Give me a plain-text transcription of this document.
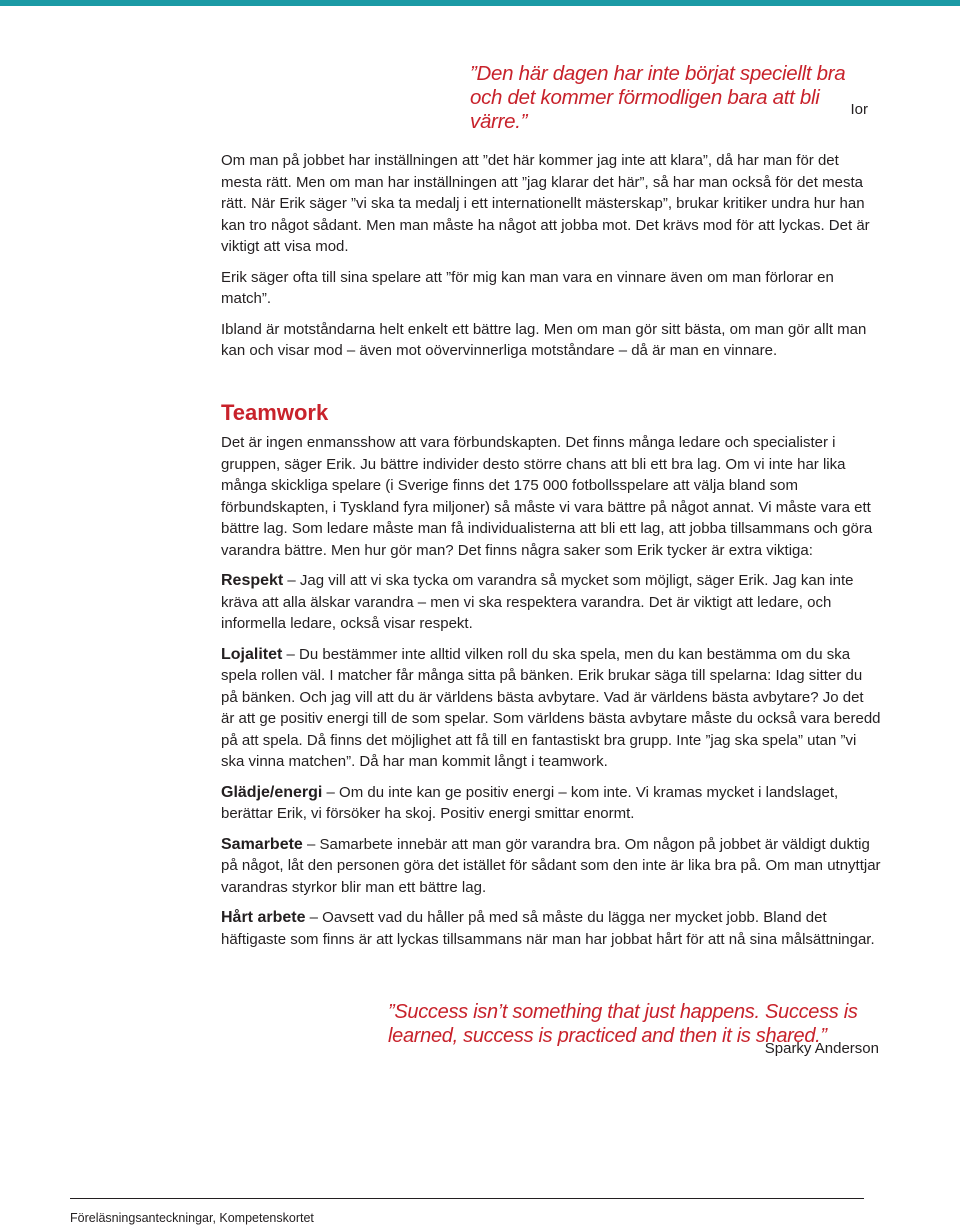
”Den här dagen har inte börjat speciellt bra och det kommer förmodligen bara att bli värre.”
Ior

Om man på jobbet har inställningen att ”det här kommer jag inte att klara”, då har man för det mesta rätt. Men om man har inställningen att ”jag klarar det här”, så har man också för det mesta rätt. När Erik säger ”vi ska ta medalj i ett internationellt mästerskap”, brukar kritiker undra hur han kan tro något sådant. Men man måste ha något att jobba mot. Det krävs mod för att lyckas. Det är viktigt att visa mod.

Erik säger ofta till sina spelare att ”för mig kan man vara en vinnare även om man förlorar en match”.

Ibland är motståndarna helt enkelt ett bättre lag. Men om man gör sitt bästa, om man gör allt man kan och visar mod – även mot oövervinnerliga motståndare – då är man en vinnare.

Teamwork

Det är ingen enmansshow att vara förbundskapten. Det finns många ledare och specialister i gruppen, säger Erik. Ju bättre individer desto större chans att bli ett bra lag. Om vi inte har lika många skickliga spelare (i Sverige finns det 175 000 fotbollsspelare att välja bland som förbundskapten, i Tyskland fyra miljoner) så måste vi vara bättre på något annat. Vi måste vara ett bättre lag. Som ledare måste man få individualisterna att bli ett lag, att jobba tillsammans och göra varandra bättre. Men hur gör man? Det finns några saker som Erik tycker är extra viktiga:

Respekt – Jag vill att vi ska tycka om varandra så mycket som möjligt, säger Erik. Jag kan inte kräva att alla älskar varandra – men vi ska respektera varandra. Det är viktigt att ledare, och informella ledare, också visar respekt.

Lojalitet – Du bestämmer inte alltid vilken roll du ska spela, men du kan bestämma om du ska spela rollen väl. I matcher får många sitta på bänken. Erik brukar säga till spelarna: Idag sitter du på bänken. Och jag vill att du är världens bästa avbytare. Vad är världens bästa avbytare? Jo det är att ge positiv energi till de som spelar. Som världens bästa avbytare måste du också vara beredd på att spela. Då finns det möjlighet att få till en fantastiskt bra grupp. Inte ”jag ska spela” utan ”vi ska vinna matchen”. Då har man kommit långt i teamwork.

Glädje/energi – Om du inte kan ge positiv energi – kom inte. Vi kramas mycket i landslaget, berättar Erik, vi försöker ha skoj. Positiv energi smittar enormt.

Samarbete – Samarbete innebär att man gör varandra bra. Om någon på jobbet är väldigt duktig på något, låt den personen göra det istället för sådant som den inte är lika bra på. Om man utnyttjar varandras styrkor blir man ett bättre lag.

Hårt arbete – Oavsett vad du håller på med så måste du lägga ner mycket jobb. Bland det häftigaste som finns är att lyckas tillsammans när man har jobbat hårt för att nå sina målsättningar.

”Success isn’t something that just happens. Success is learned, success is practiced and then it is shared.”
Sparky Anderson
Föreläsningsanteckningar, Kompetenskortet
